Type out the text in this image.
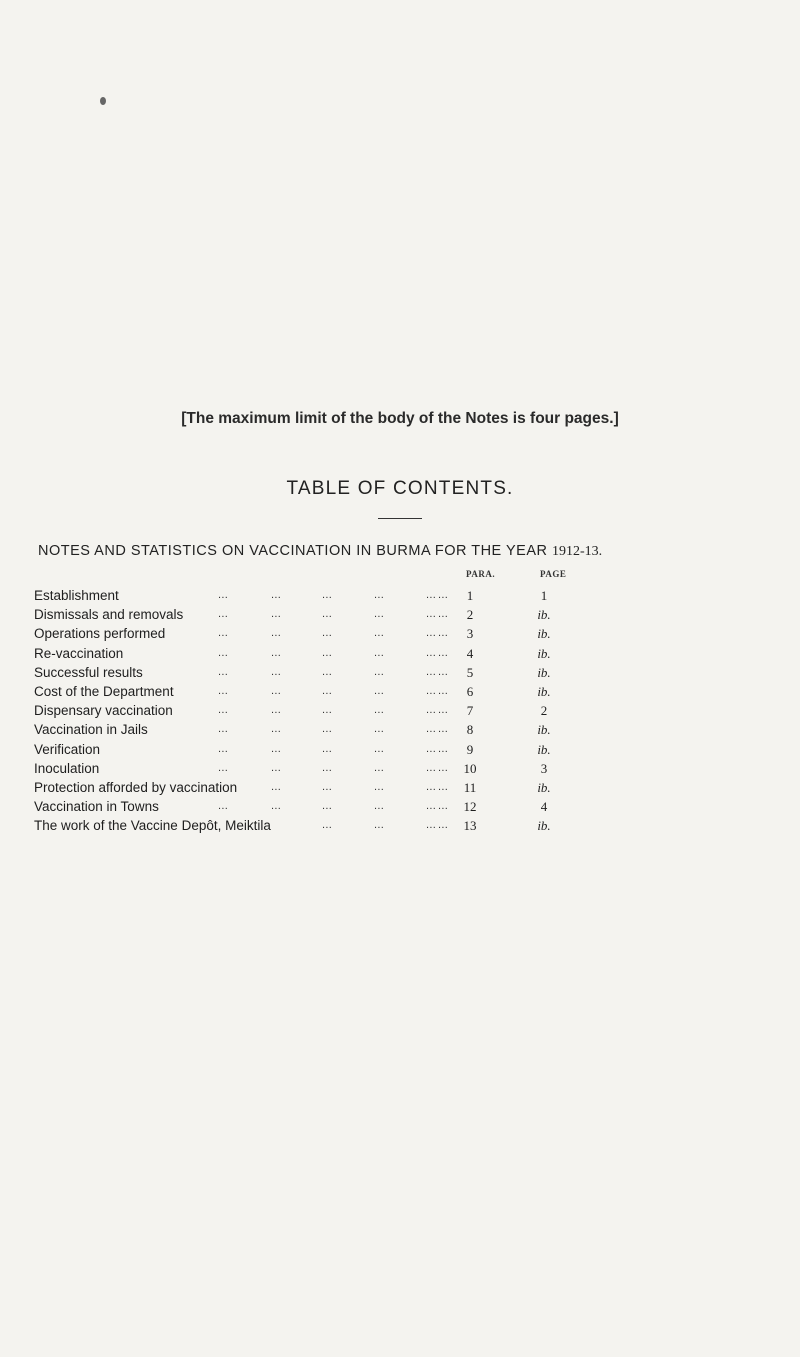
[The maximum limit of the body of the Notes is four pages.]
TABLE OF CONTENTS.
NOTES AND STATISTICS ON VACCINATION IN BURMA FOR THE YEAR 1912-13.
PARA.	PAGE
Establishment	...	...	...	...	... ...	1	1
Dismissals and removals	...	...	...	...	... ...	2	ib.
Operations performed	...	...	...	...	... ...	3	ib.
Re-vaccination	...	...	...	...	... ...	4	ib.
Successful results	...	...	...	...	... ...	5	ib.
Cost of the Department	...	...	...	...	... ...	6	ib.
Dispensary vaccination	...	...	...	...	... ...	7	2
Vaccination in Jails	...	...	...	...	... ...	8	ib.
Verification	...	...	...	...	... ...	9	ib.
Inoculation	...	...	...	...	... ... 10	3
Protection afforded by vaccination	...	...	...	... ... 11	ib.
Vaccination in Towns	...	...	...	...	... ... 12	4
The work of the Vaccine Depôt, Meiktila	...	...	... ... 13	ib.
